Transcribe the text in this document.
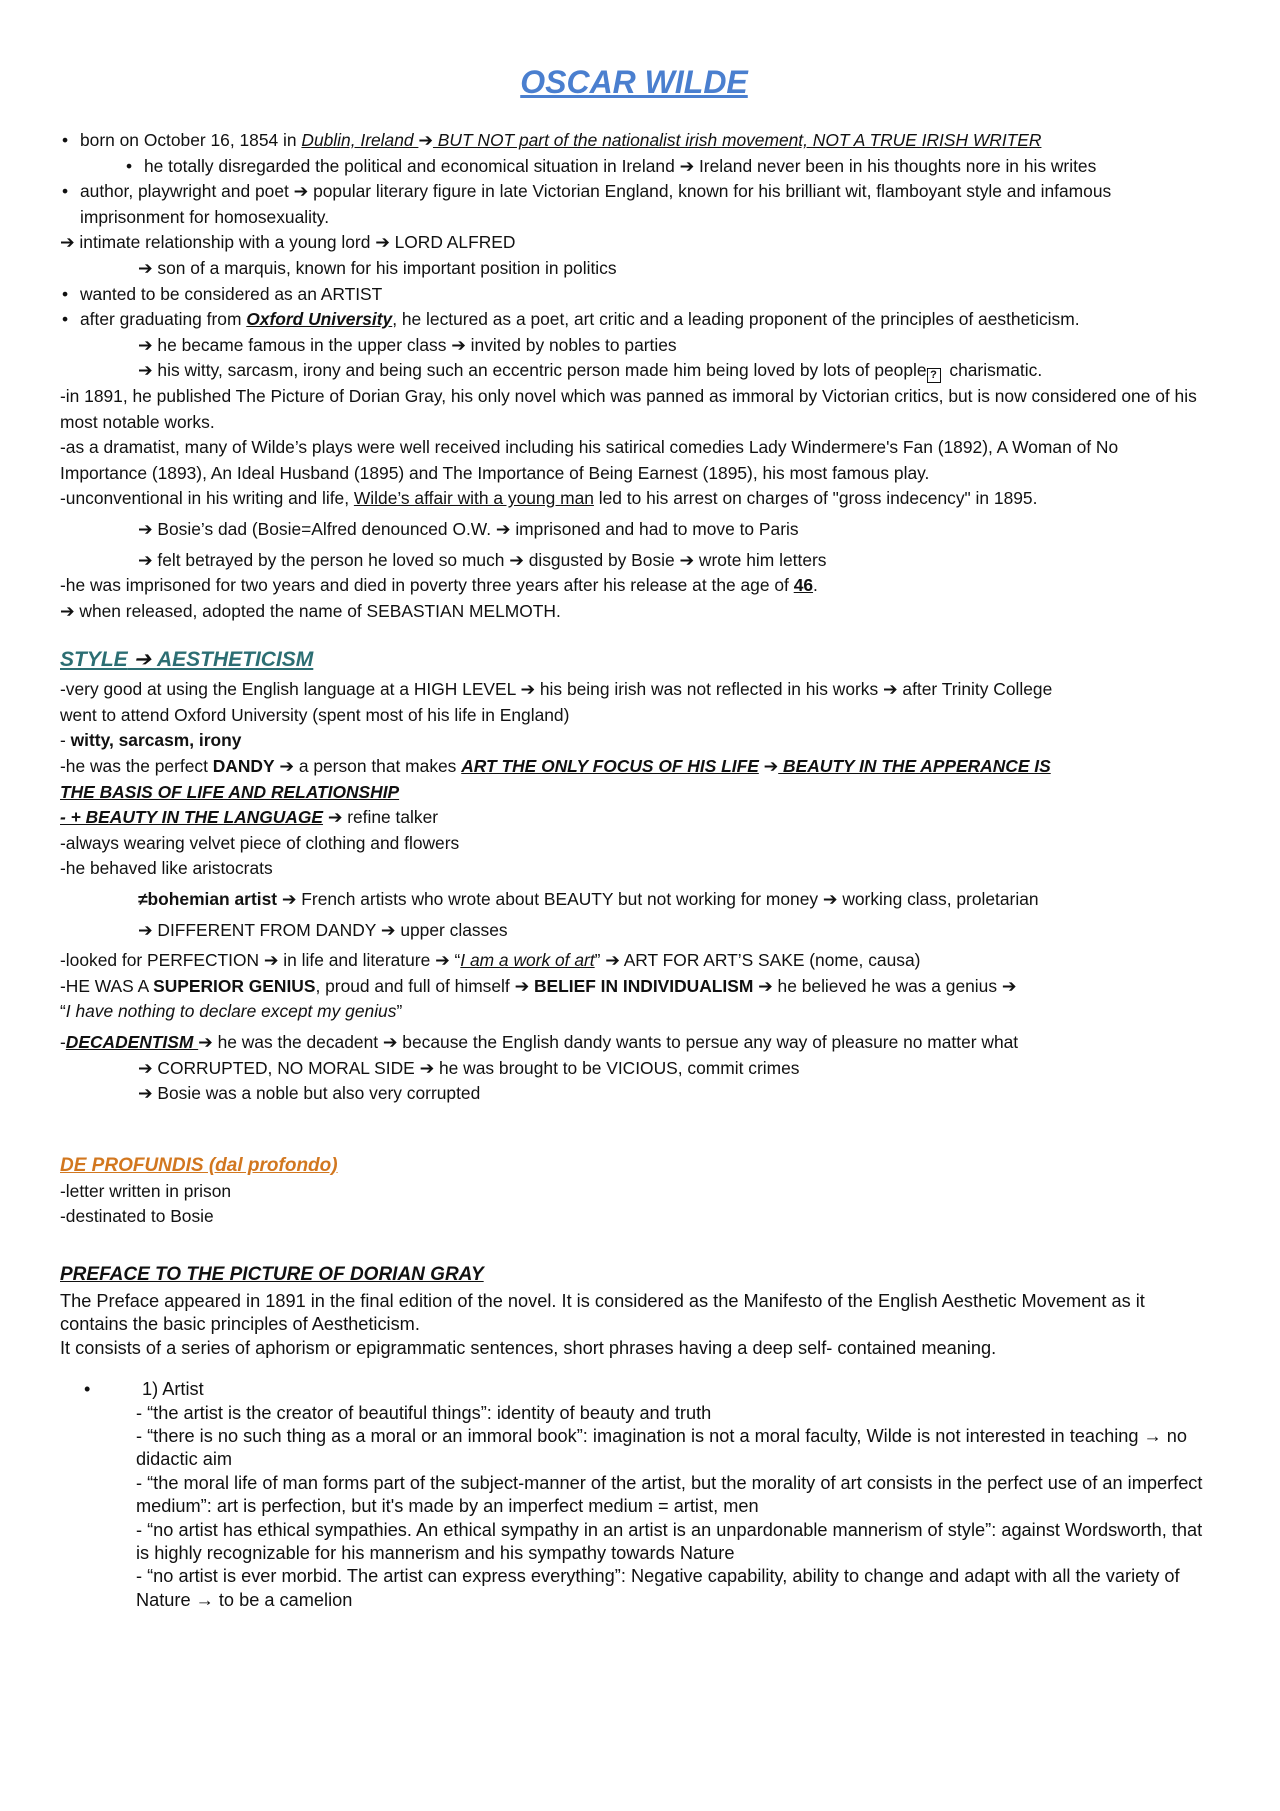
OSCAR WILDE
• born on October 16, 1854 in Dublin, Ireland ➔ BUT NOT part of the nationalist irish movement, NOT A TRUE IRISH WRITER
• he totally disregarded the political and economical situation in Ireland ➔ Ireland never been in his thoughts nore in his writes
• author, playwright and poet ➔ popular literary figure in late Victorian England, known for his brilliant wit, flamboyant style and infamous imprisonment for homosexuality.
➔ intimate relationship with a young lord ➔ LORD ALFRED
➔ son of a marquis, known for his important position in politics
• wanted to be considered as an ARTIST
• after graduating from Oxford University, he lectured as a poet, art critic and a leading proponent of the principles of aestheticism.
➔ he became famous in the upper class ➔ invited by nobles to parties
➔ his witty, sarcasm, irony and being such an eccentric person made him being loved by lots of people ? charismatic.
-in 1891, he published The Picture of Dorian Gray, his only novel which was panned as immoral by Victorian critics, but is now considered one of his most notable works.
-as a dramatist, many of Wilde’s plays were well received including his satirical comedies Lady Windermere's Fan (1892), A Woman of No Importance (1893), An Ideal Husband (1895) and The Importance of Being Earnest (1895), his most famous play.
-unconventional in his writing and life, Wilde’s affair with a young man led to his arrest on charges of "gross indecency" in 1895.
➔ Bosie’s dad (Bosie=Alfred denounced O.W. ➔ imprisoned and had to move to Paris
➔ felt betrayed by the person he loved so much ➔ disgusted by Bosie ➔ wrote him letters
-he was imprisoned for two years and died in poverty three years after his release at the age of 46.
➔ when released, adopted the name of SEBASTIAN MELMOTH.
STYLE ➔ AESTHETICISM
-very good at using the English language at a HIGH LEVEL ➔ his being irish was not reflected in his works ➔ after Trinity College
went to attend Oxford University (spent most of his life in England)
- witty, sarcasm, irony
-he was the perfect DANDY ➔ a person that makes ART THE ONLY FOCUS OF HIS LIFE ➔ BEAUTY IN THE APPERANCE IS
THE BASIS OF LIFE AND RELATIONSHIP
- + BEAUTY IN THE LANGUAGE ➔ refine talker
-always wearing velvet piece of clothing and flowers
-he behaved like aristocrats
≠bohemian artist ➔ French artists who wrote about BEAUTY but not working for money ➔ working class, proletarian
➔ DIFFERENT FROM DANDY ➔ upper classes
-looked for PERFECTION ➔ in life and literature ➔ “I am a work of art” ➔ ART FOR ART’S SAKE (nome, causa)
-HE WAS A SUPERIOR GENIUS, proud and full of himself ➔ BELIEF IN INDIVIDUALISM ➔ he believed he was a genius ➔
“I have nothing to declare except my genius”
-DECADENTISM ➔ he was the decadent ➔ because the English dandy wants to persue any way of pleasure no matter what
➔ CORRUPTED, NO MORAL SIDE ➔ he was brought to be VICIOUS, commit crimes
➔ Bosie was a noble but also very corrupted
DE PROFUNDIS (dal profondo)
-letter written in prison
-destinated to Bosie
PREFACE TO THE PICTURE OF DORIAN GRAY
The Preface appeared in 1891 in the final edition of the novel. It is considered as the Manifesto of the English Aesthetic Movement as it contains the basic principles of Aestheticism.
It consists of a series of aphorism or epigrammatic sentences, short phrases having a deep self- contained meaning.
•	1) Artist
- “the artist is the creator of beautiful things”: identity of beauty and truth
- “there is no such thing as a moral or an immoral book”: imagination is not a moral faculty, Wilde is not interested in teaching → no didactic aim
- “the moral life of man forms part of the subject-manner of the artist, but the morality of art consists in the perfect use of an imperfect medium”: art is perfection, but it's made by an imperfect medium = artist, men
- “no artist has ethical sympathies. An ethical sympathy in an artist is an unpardonable mannerism of style”: against Wordsworth, that is highly recognizable for his mannerism and his sympathy towards Nature
- “no artist is ever morbid. The artist can express everything”: Negative capability, ability to change and adapt with all the variety of Nature → to be a camelion
